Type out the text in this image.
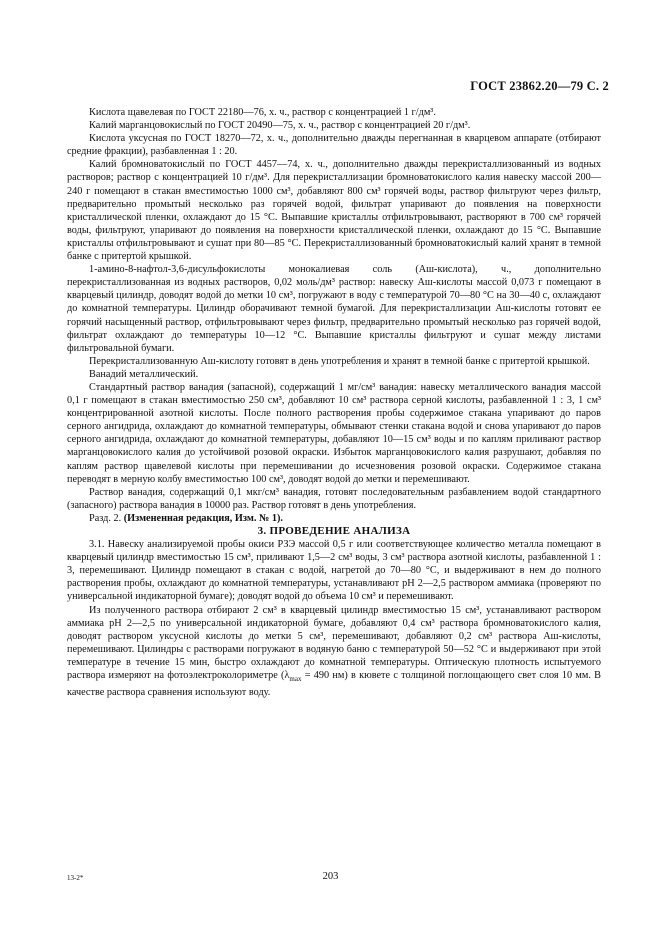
ГОСТ 23862.20—79 С. 2

Кислота щавелевая по ГОСТ 22180—76, х. ч., раствор с концентрацией 1 г/дм³.

Калий марганцовокислый по ГОСТ 20490—75, х. ч., раствор с концентрацией 20 г/дм³.

Кислота уксусная по ГОСТ 18270—72, х. ч., дополнительно дважды перегнанная в кварцевом аппарате (отбирают средние фракции), разбавленная 1 : 20.

Калий бромноватокислый по ГОСТ 4457—74, х. ч., дополнительно дважды перекристаллизованный из водных растворов; раствор с концентрацией 10 г/дм³. Для перекристаллизации бромноватокислого калия навеску массой 200—240 г помещают в стакан вместимостью 1000 см³, добавляют 800 см³ горячей воды, раствор фильтруют через фильтр, предварительно промытый несколько раз горячей водой, фильтрат упаривают до появления на поверхности кристаллической пленки, охлаждают до 15 °С. Выпавшие кристаллы отфильтровывают, растворяют в 700 см³ горячей воды, фильтруют, упаривают до появления на поверхности кристаллической пленки, охлаждают до 15 °С. Выпавшие кристаллы отфильтровывают и сушат при 80—85 °С. Перекристаллизованный бромноватокислый калий хранят в темной банке с притертой крышкой.

1-амино-8-нафтол-3,6-дисульфокислоты монокалиевая соль (Аш-кислота), ч., дополнительно перекристаллизованная из водных растворов, 0,02 моль/дм³ раствор: навеску Аш-кислоты массой 0,073 г помещают в кварцевый цилиндр, доводят водой до метки 10 см³, погружают в воду с температурой 70—80 °С на 30—40 с, охлаждают до комнатной температуры. Цилиндр оборачивают темной бумагой. Для перекристаллизации Аш-кислоты готовят ее горячий насыщенный раствор, отфильтровывают через фильтр, предварительно промытый несколько раз горячей водой, фильтрат охлаждают до температуры 10—12 °С. Выпавшие кристаллы фильтруют и сушат между листами фильтровальной бумаги.

Перекристаллизованную Аш-кислоту готовят в день употребления и хранят в темной банке с притертой крышкой.

Ванадий металлический.

Стандартный раствор ванадия (запасной), содержащий 1 мг/см³ ванадия: навеску металлического ванадия массой 0,1 г помещают в стакан вместимостью 250 см³, добавляют 10 см³ раствора серной кислоты, разбавленной 1 : 3, 1 см³ концентрированной азотной кислоты. После полного растворения пробы содержимое стакана упаривают до паров серного ангидрида, охлаждают до комнатной температуры, обмывают стенки стакана водой и снова упаривают до паров серного ангидрида, охлаждают до комнатной температуры, добавляют 10—15 см³ воды и по каплям приливают раствор марганцовокислого калия до устойчивой розовой окраски. Избыток марганцовокислого калия разрушают, добавляя по каплям раствор щавелевой кислоты при перемешивании до исчезновения розовой окраски. Содержимое стакана переводят в мерную колбу вместимостью 100 см³, доводят водой до метки и перемешивают.

Раствор ванадия, содержащий 0,1 мкг/см³ ванадия, готовят последовательным разбавлением водой стандартного (запасного) раствора ванадия в 10000 раз. Раствор готовят в день употребления.

Разд. 2. (Измененная редакция, Изм. № 1).

3. ПРОВЕДЕНИЕ АНАЛИЗА

3.1. Навеску анализируемой пробы окиси РЗЭ массой 0,5 г или соответствующее количество металла помещают в кварцевый цилиндр вместимостью 15 см³, приливают 1,5—2 см³ воды, 3 см³ раствора азотной кислоты, разбавленной 1 : 3, перемешивают. Цилиндр помещают в стакан с водой, нагретой до 70—80 °С, и выдерживают в нем до полного растворения пробы, охлаждают до комнатной температуры, устанавливают pH 2—2,5 раствором аммиака (проверяют по универсальной индикаторной бумаге); доводят водой до объема 10 см³ и перемешивают.

Из полученного раствора отбирают 2 см³ в кварцевый цилиндр вместимостью 15 см³, устанавливают раствором аммиака pH 2—2,5 по универсальной индикаторной бумаге, добавляют 0,4 см³ раствора бромноватокислого калия, доводят раствором уксусной кислоты до метки 5 см³, перемешивают, добавляют 0,2 см³ раствора Аш-кислоты, перемешивают. Цилиндры с растворами погружают в водяную баню с температурой 50—52 °С и выдерживают при этой температуре в течение 15 мин, быстро охлаждают до комнатной температуры. Оптическую плотность испытуемого раствора измеряют на фотоэлектроколориметре ($\lambda_{max} = 490$ нм) в кювете с толщиной поглощающего свет слоя 10 мм. В качестве раствора сравнения используют воду.

13-2*	203
